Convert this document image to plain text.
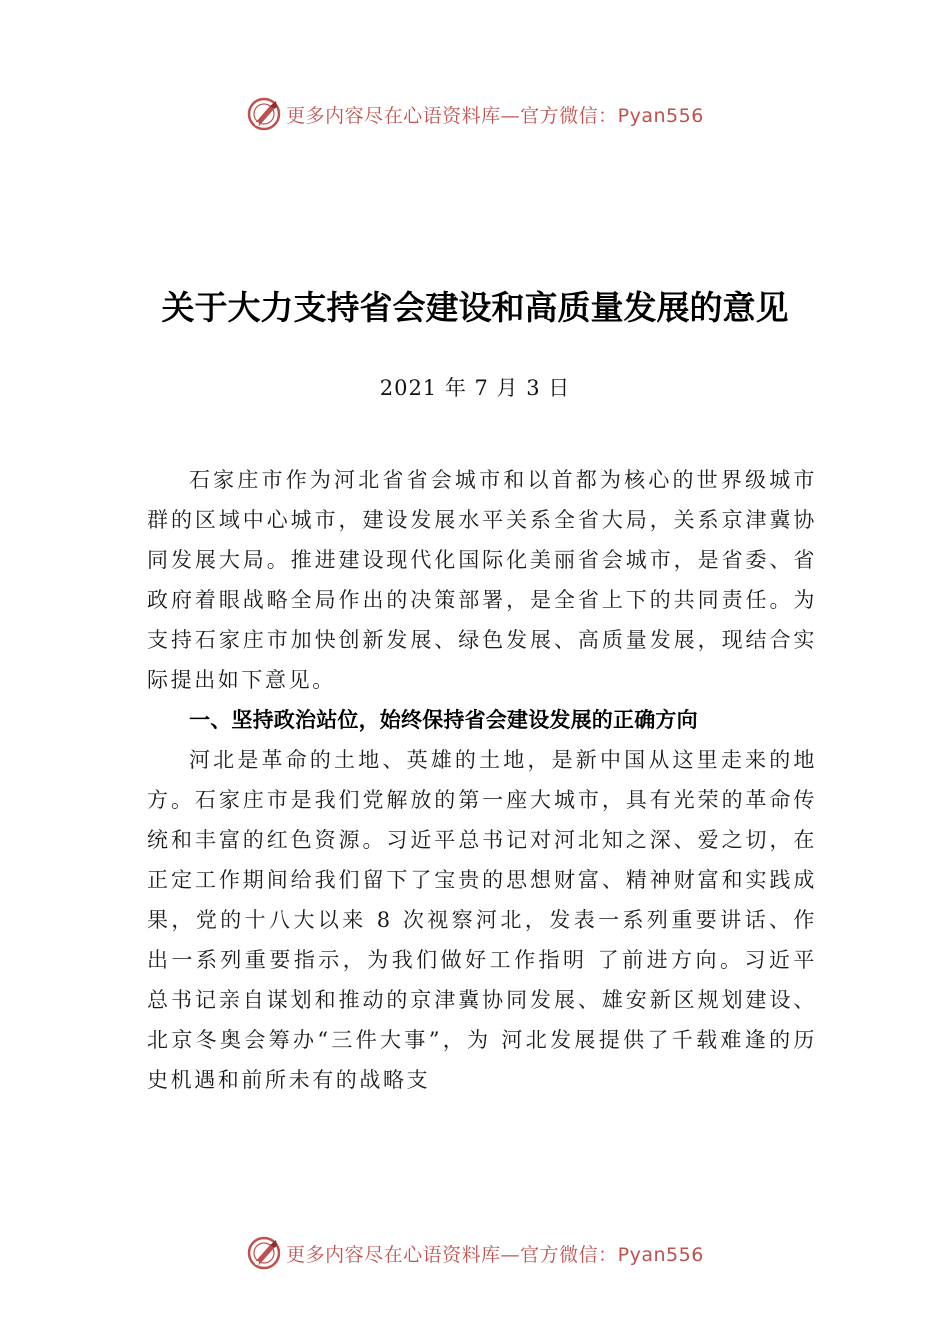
更多内容尽在心语资料库—官方微信：Pyan556
关于大力支持省会建设和高质量发展的意见
2021 年 7 月 3 日

石家庄市作为河北省省会城市和以首都为核心的世界级城市群的区域中心城市，建设发展水平关系全省大局，关系京津冀协同发展大局。推进建设现代化国际化美丽省会城市，是省委、省政府着眼战略全局作出的决策部署，是全省上下的共同责任。为支持石家庄市加快创新发展、绿色发展、高质量发展，现结合实际提出如下意见。

一、坚持政治站位，始终保持省会建设发展的正确方向

河北是革命的土地、英雄的土地，是新中国从这里走来的地方。石家庄市是我们党解放的第一座大城市，具有光荣的革命传统和丰富的红色资源。习近平总书记对河北知之深、爱之切，在正定工作期间给我们留下了宝贵的思想财富、精神财富和实践成果，党的十八大以来 8 次视察河北，发表一系列重要讲话、作出一系列重要指示，为我们做好工作指明 了前进方向。习近平总书记亲自谋划和推动的京津冀协同发展、雄安新区规划建设、北京冬奥会筹办“三件大事”，为 河北发展提供了千载难逢的历史机遇和前所未有的战略支

更多内容尽在心语资料库—官方微信：Pyan556
